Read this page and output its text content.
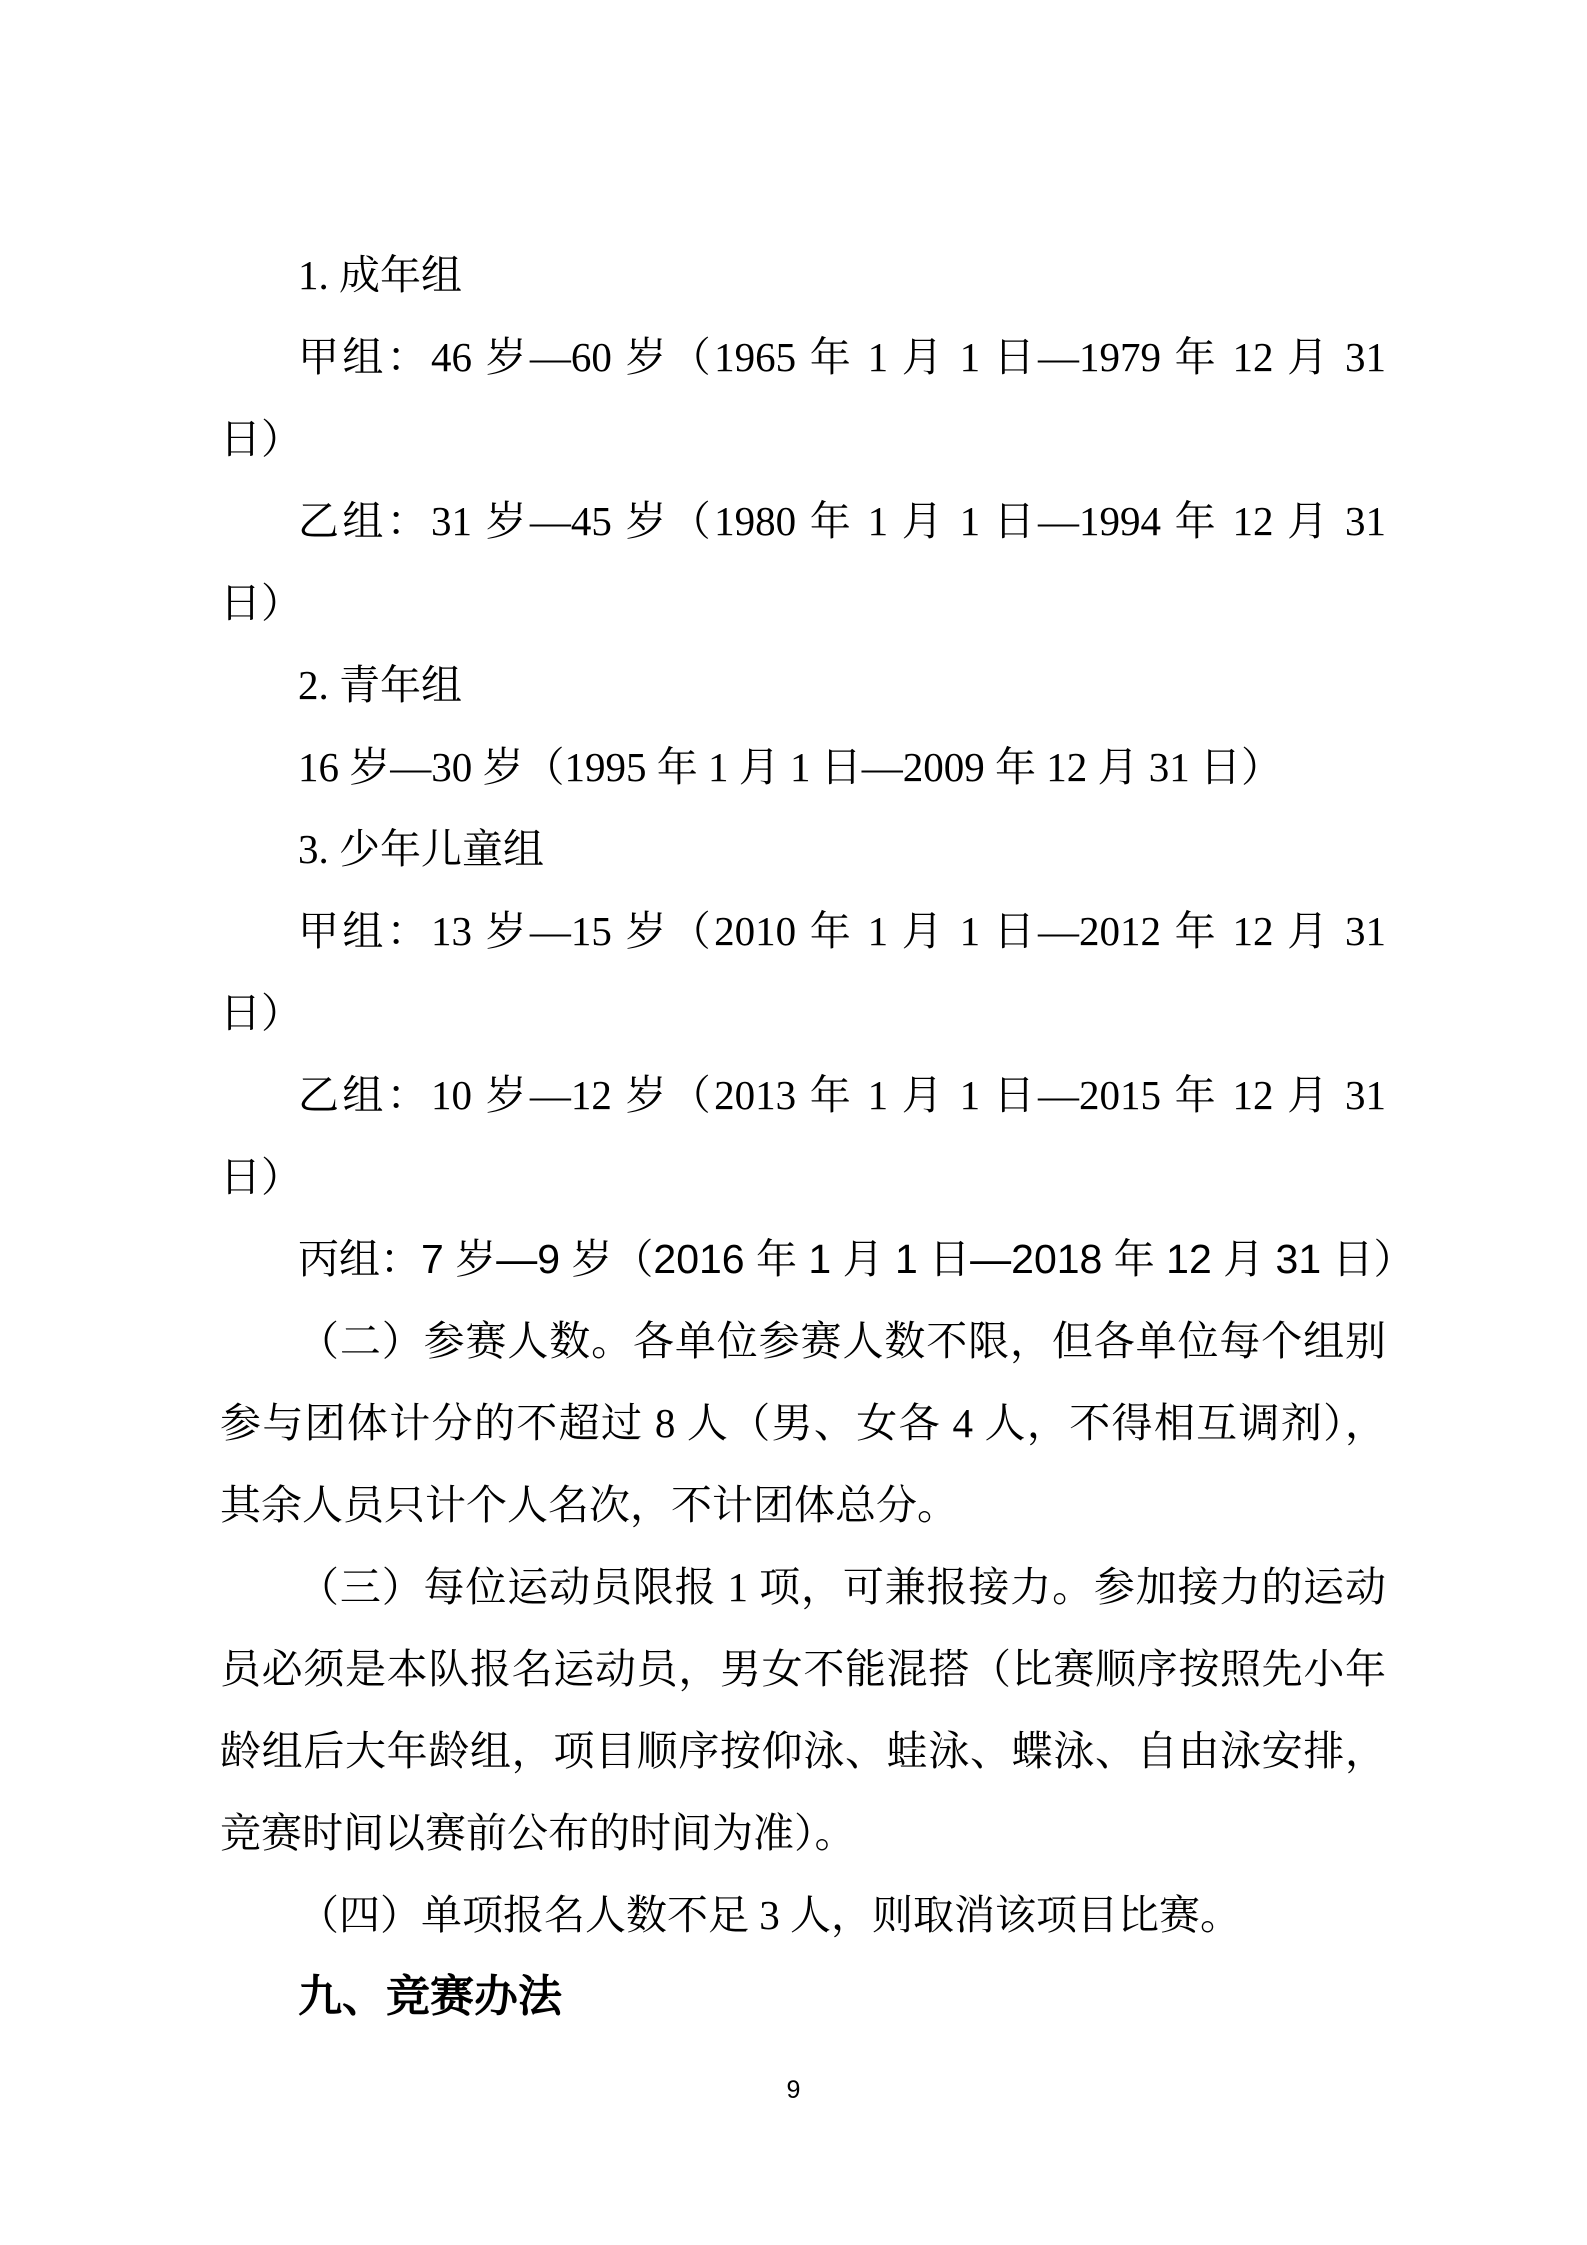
1. 成年组
甲组：46 岁—60 岁（1965 年 1 月 1 日—1979 年 12 月 31
日）
乙组：31 岁—45 岁（1980 年 1 月 1 日—1994 年 12 月 31
日）
2. 青年组
16 岁—30 岁（1995 年 1 月 1 日—2009 年 12 月 31 日）
3. 少年儿童组
甲组：13 岁—15 岁（2010 年 1 月 1 日—2012 年 12 月 31
日）
乙组：10 岁—12 岁（2013 年 1 月 1 日—2015 年 12 月 31
日）
丙组：7 岁—9 岁（2016 年 1 月 1 日—2018 年 12 月 31 日）
（二）参赛人数。各单位参赛人数不限，但各单位每个组别
参与团体计分的不超过 8 人（男、女各 4 人，不得相互调剂），
其余人员只计个人名次，不计团体总分。
（三）每位运动员限报 1 项，可兼报接力。参加接力的运动
员必须是本队报名运动员，男女不能混搭（比赛顺序按照先小年
龄组后大年龄组，项目顺序按仰泳、蛙泳、蝶泳、自由泳安排，
竞赛时间以赛前公布的时间为准）。
（四）单项报名人数不足 3 人，则取消该项目比赛。
九、竞赛办法
9
